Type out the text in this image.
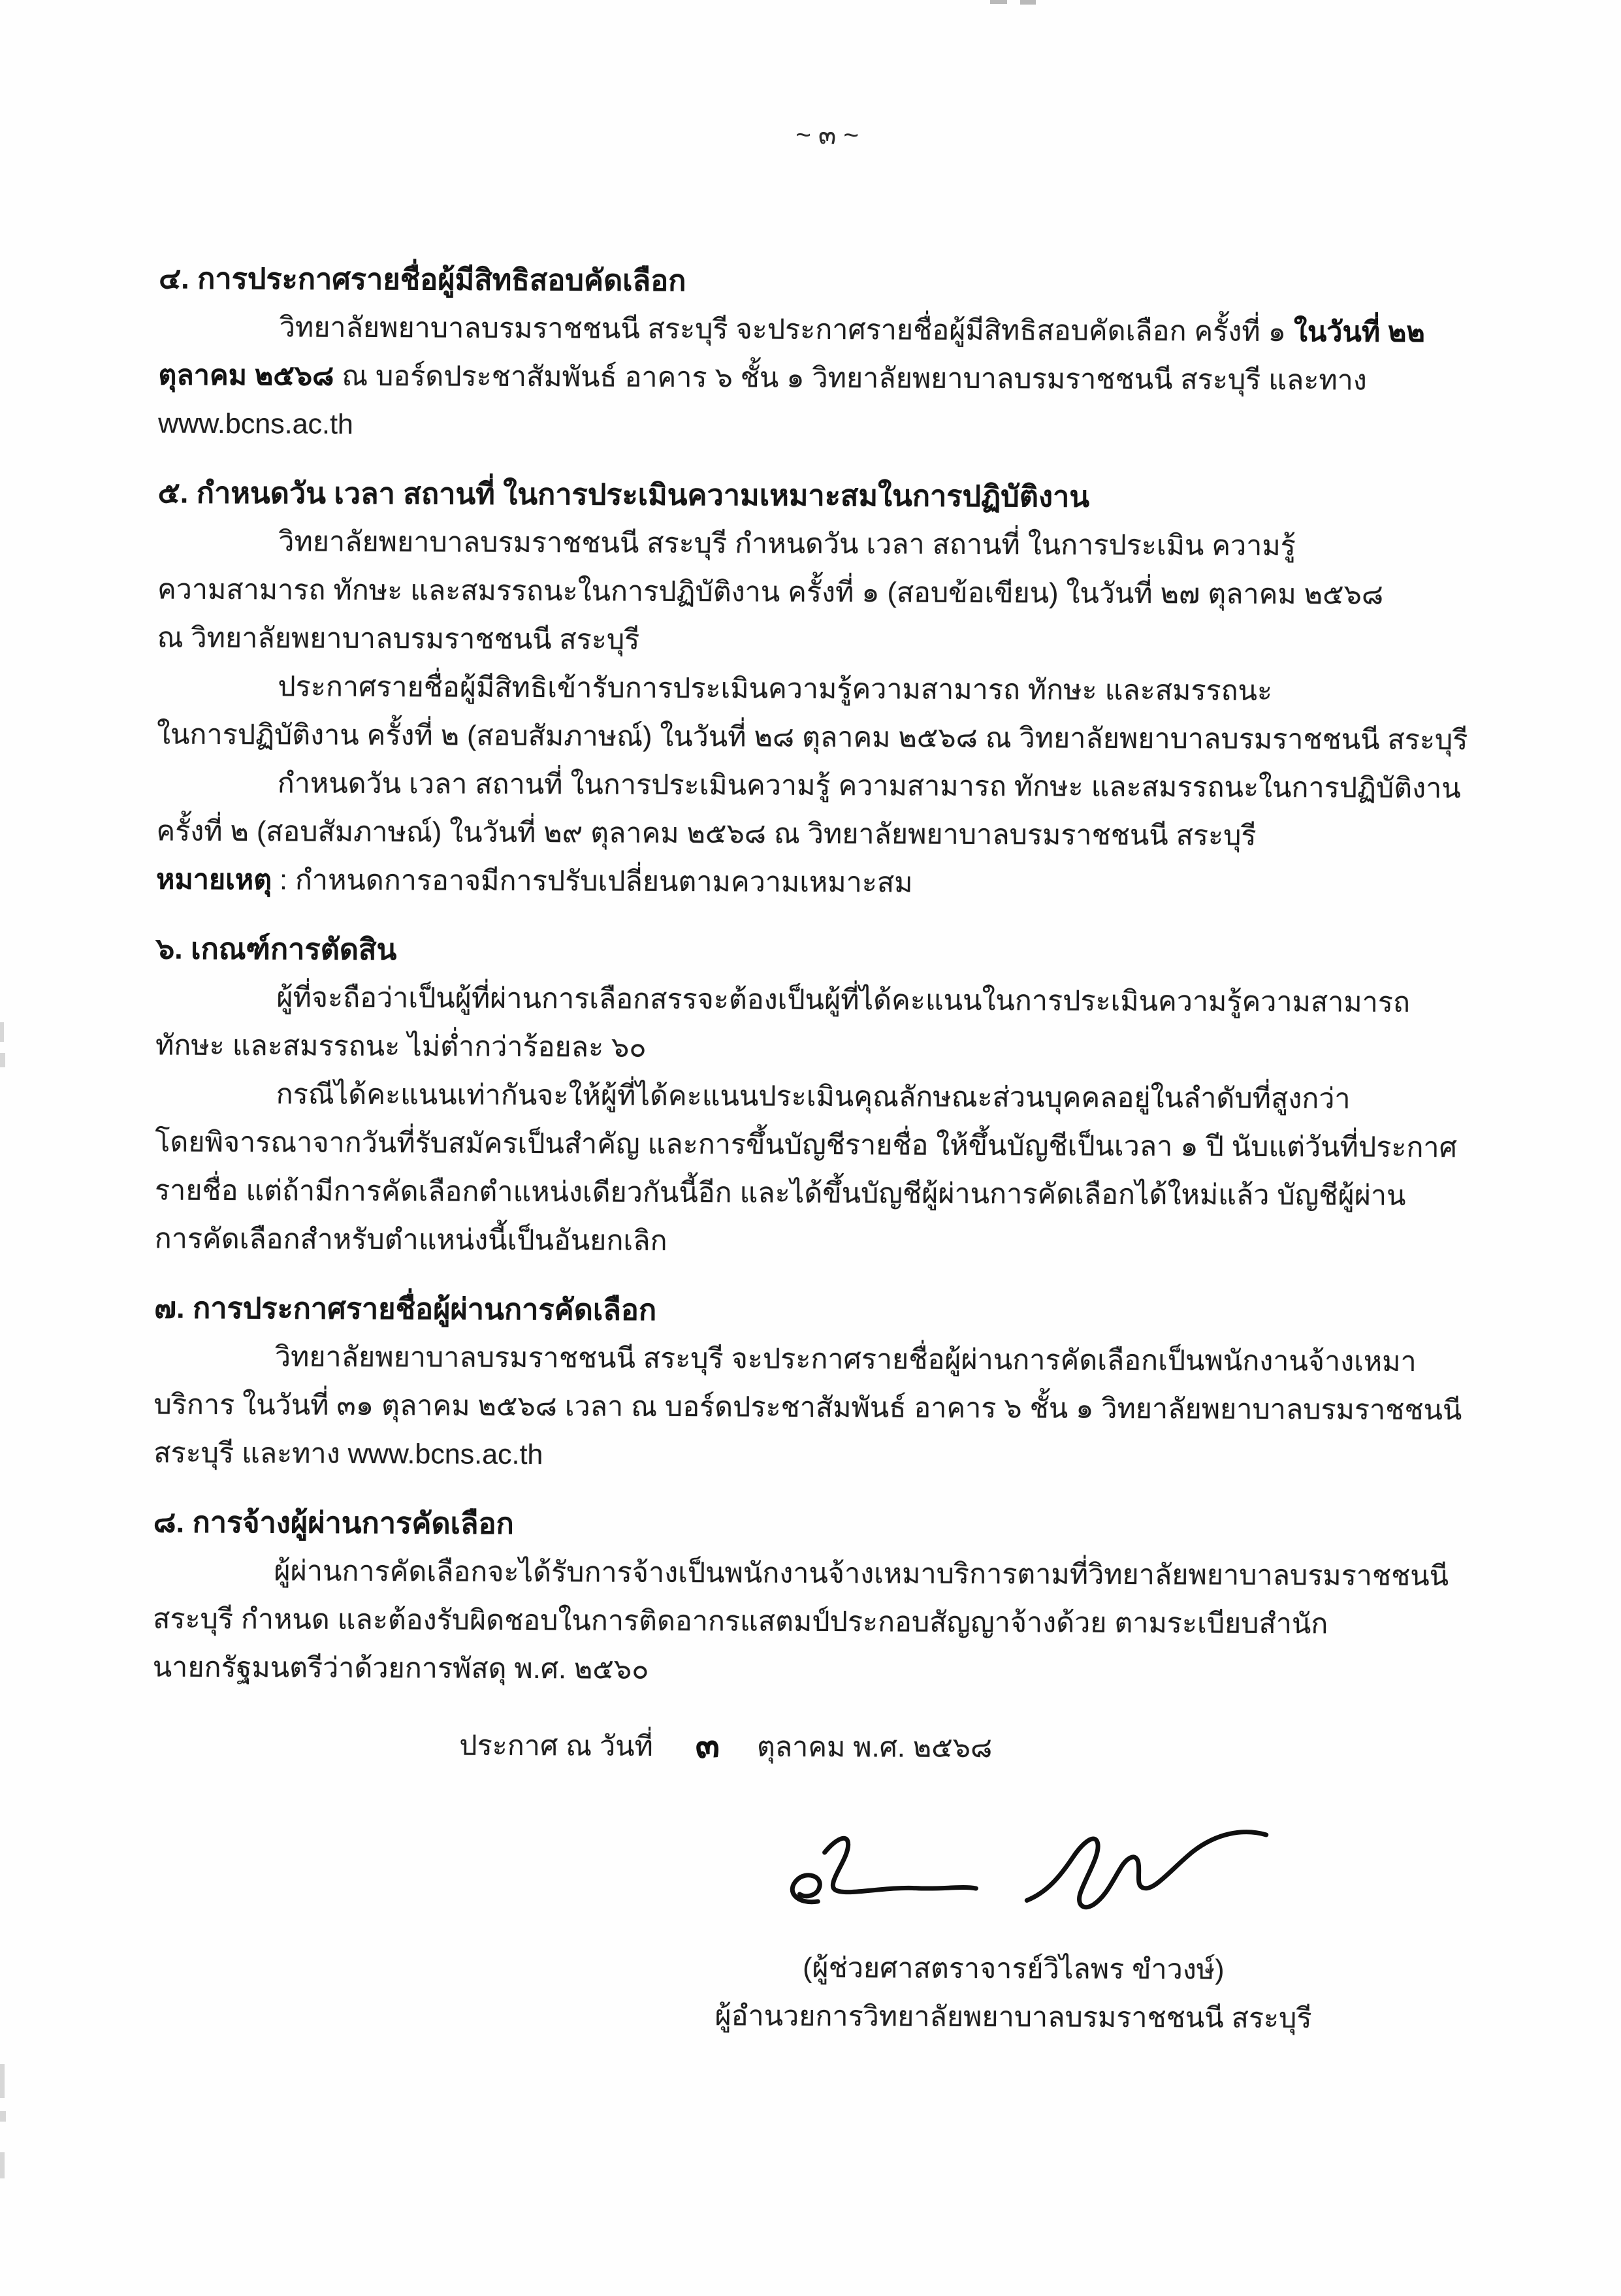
~ ๓ ~
๔. การประกาศรายชื่อผู้มีสิทธิสอบคัดเลือก
วิทยาลัยพยาบาลบรมราชชนนี สระบุรี จะประกาศรายชื่อผู้มีสิทธิสอบคัดเลือก ครั้งที่ ๑ ในวันที่ ๒๒
ตุลาคม ๒๕๖๘ ณ บอร์ดประชาสัมพันธ์ อาคาร ๖ ชั้น ๑ วิทยาลัยพยาบาลบรมราชชนนี สระบุรี และทาง
www.bcns.ac.th
๕. กำหนดวัน เวลา สถานที่ ในการประเมินความเหมาะสมในการปฏิบัติงาน
วิทยาลัยพยาบาลบรมราชชนนี สระบุรี กำหนดวัน เวลา สถานที่ ในการประเมิน ความรู้
ความสามารถ ทักษะ และสมรรถนะในการปฏิบัติงาน ครั้งที่ ๑ (สอบข้อเขียน) ในวันที่ ๒๗ ตุลาคม ๒๕๖๘
ณ วิทยาลัยพยาบาลบรมราชชนนี สระบุรี
ประกาศรายชื่อผู้มีสิทธิเข้ารับการประเมินความรู้ความสามารถ ทักษะ และสมรรถนะ
ในการปฏิบัติงาน ครั้งที่ ๒ (สอบสัมภาษณ์) ในวันที่ ๒๘ ตุลาคม ๒๕๖๘ ณ วิทยาลัยพยาบาลบรมราชชนนี สระบุรี
กำหนดวัน เวลา สถานที่ ในการประเมินความรู้ ความสามารถ ทักษะ และสมรรถนะในการปฏิบัติงาน
ครั้งที่ ๒ (สอบสัมภาษณ์) ในวันที่ ๒๙ ตุลาคม ๒๕๖๘ ณ วิทยาลัยพยาบาลบรมราชชนนี สระบุรี
หมายเหตุ : กำหนดการอาจมีการปรับเปลี่ยนตามความเหมาะสม
๖. เกณฑ์การตัดสิน
ผู้ที่จะถือว่าเป็นผู้ที่ผ่านการเลือกสรรจะต้องเป็นผู้ที่ได้คะแนนในการประเมินความรู้ความสามารถ
ทักษะ และสมรรถนะ ไม่ต่ำกว่าร้อยละ ๖๐
กรณีได้คะแนนเท่ากันจะให้ผู้ที่ได้คะแนนประเมินคุณลักษณะส่วนบุคคลอยู่ในลำดับที่สูงกว่า
โดยพิจารณาจากวันที่รับสมัครเป็นสำคัญ และการขึ้นบัญชีรายชื่อ ให้ขึ้นบัญชีเป็นเวลา ๑ ปี นับแต่วันที่ประกาศ
รายชื่อ แต่ถ้ามีการคัดเลือกตำแหน่งเดียวกันนี้อีก และได้ขึ้นบัญชีผู้ผ่านการคัดเลือกได้ใหม่แล้ว บัญชีผู้ผ่าน
การคัดเลือกสำหรับตำแหน่งนี้เป็นอันยกเลิก
๗. การประกาศรายชื่อผู้ผ่านการคัดเลือก
วิทยาลัยพยาบาลบรมราชชนนี สระบุรี จะประกาศรายชื่อผู้ผ่านการคัดเลือกเป็นพนักงานจ้างเหมา
บริการ ในวันที่ ๓๑ ตุลาคม ๒๕๖๘ เวลา ณ บอร์ดประชาสัมพันธ์ อาคาร ๖ ชั้น ๑ วิทยาลัยพยาบาลบรมราชชนนี
สระบุรี และทาง www.bcns.ac.th
๘. การจ้างผู้ผ่านการคัดเลือก
ผู้ผ่านการคัดเลือกจะได้รับการจ้างเป็นพนักงานจ้างเหมาบริการตามที่วิทยาลัยพยาบาลบรมราชชนนี
สระบุรี กำหนด และต้องรับผิดชอบในการติดอากรแสตมป์ประกอบสัญญาจ้างด้วย ตามระเบียบสำนัก
นายกรัฐมนตรีว่าด้วยการพัสดุ พ.ศ. ๒๕๖๐
ประกาศ ณ วันที่ ๓ ตุลาคม พ.ศ. ๒๕๖๘
(ผู้ช่วยศาสตราจารย์วิไลพร ขำวงษ์)
ผู้อำนวยการวิทยาลัยพยาบาลบรมราชชนนี สระบุรี
